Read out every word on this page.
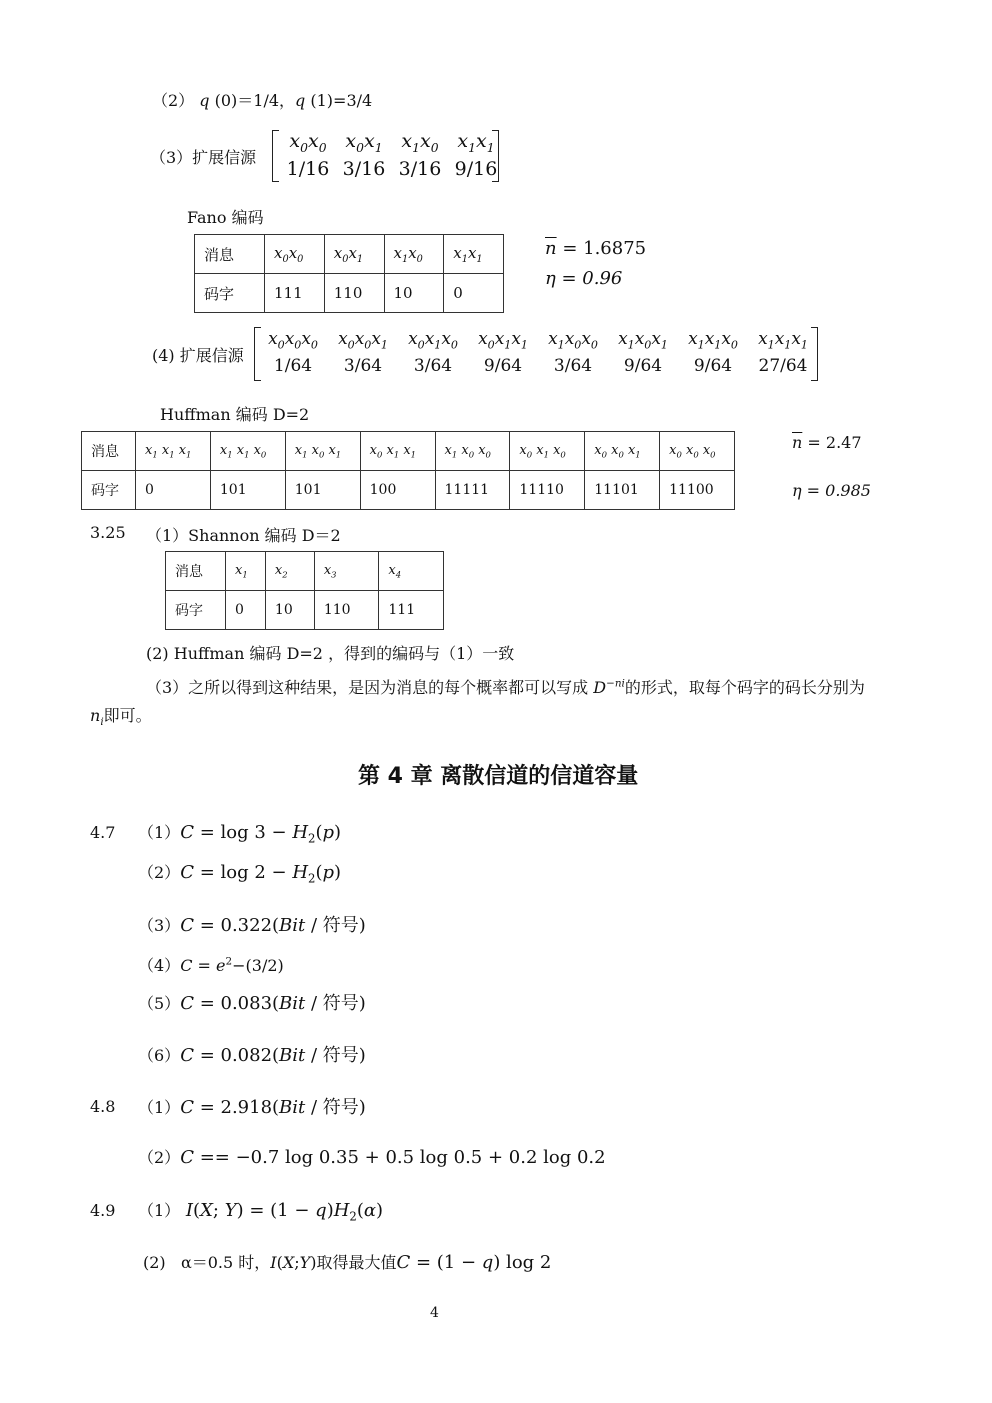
（2） q (0)＝1/4，q (1)=3/4
（3）扩展信源
$x_0x_0$ $x_0x_1$ $x_1x_0$ $x_1x_1$
1/16 3/16 3/16 9/16
Fano 编码
消息	$x_0x_0$	$x_0x_1$	$x_1x_0$	$x_1x_1$
码字	111	110	10	0
$\overline{n} = 1.6875$
η = 0.96
(4) 扩展信源
$x_0x_0x_0$ $x_0x_0x_1$ $x_0x_1x_0$ $x_0x_1x_1$ $x_1x_0x_0$ $x_1x_0x_1$ $x_1x_1x_0$ $x_1x_1x_1$
1/64 3/64 3/64 9/64 3/64 9/64 9/64 27/64
Huffman 编码 D=2
消息	$x_1$ $x_1$ $x_1$	$x_1$ $x_1$ $x_0$	$x_1$ $x_0$ $x_1$	$x_0$ $x_1$ $x_1$	$x_1$ $x_0$ $x_0$	$x_0$ $x_1$ $x_0$	$x_0$ $x_0$ $x_1$	$x_0$ $x_0$ $x_0$
码字	0	101	101	100	11111	11110	11101	11100
$\overline{n} = 2.47$
η = 0.985
3.25 （1）Shannon 编码 D＝2
消息	$x_1$	$x_2$	$x_3$	$x_4$
码字	0	10	110	111
(2) Huffman 编码 D=2 ，得到的编码与（1）一致
（3）之所以得到这种结果，是因为消息的每个概率都可以写成 $D^{-ni}$的形式，取每个码字的码长分别为
$n_i$即可。
第 4 章 离散信道的信道容量
4.7 $(1)C = \log 3 - H_2(p)$
$(2)C = \log 2 - H_2(p)$
（3）C = 0.322(Bit / 符号)
$(4)C = e^2-(3/2)$
（5）C = 0.083(Bit / 符号)
（6）C = 0.082(Bit / 符号)
4.8 （1）C = 2.918(Bit / 符号)
（2）C == −0.7 log 0.35 + 0.5 log 0.5 + 0.2 log 0.2
4.9 （1） I(X; $Y) = (1 - q)H_2(\alpha)$
(2) α＝0.5 时，I(X;Y)取得最大值C = (1 − q) log 2
4
